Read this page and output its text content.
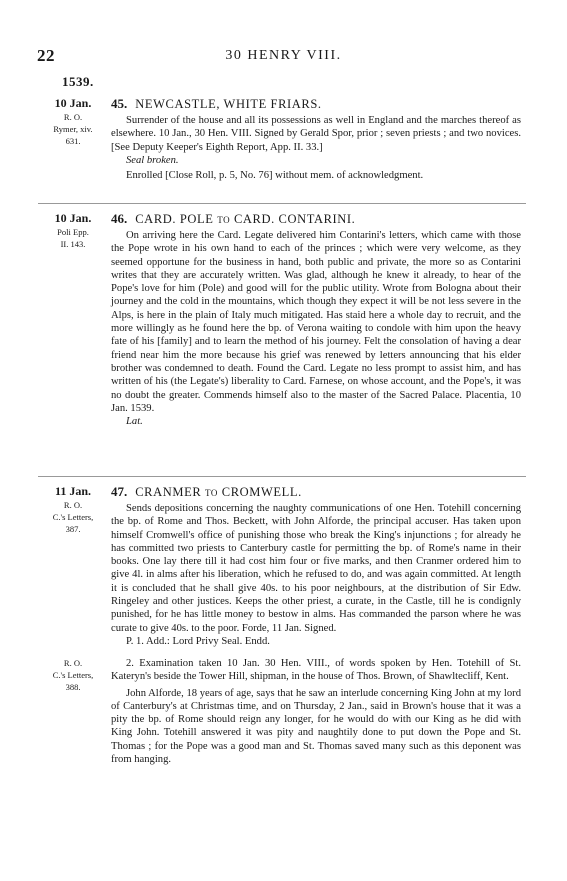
22	30 HENRY VIII.
1539.
10 Jan.
R. O.
Rymer, xiv.
631.
45. NEWCASTLE, WHITE FRIARS.

Surrender of the house and all its possessions as well in England and the marches thereof as elsewhere. 10 Jan., 30 Hen. VIII. Signed by Gerald Spor, prior ; seven priests ; and two novices. [See Deputy Keeper's Eighth Report, App. II. 33.]

Seal broken.

Enrolled [Close Roll, p. 5, No. 76] without mem. of acknowledgment.

10 Jan.
Poli Epp.
II. 143.
46. CARD. POLE to CARD. CONTARINI.

On arriving here the Card. Legate delivered him Contarini's letters, which came with those the Pope wrote in his own hand to each of the princes ; which were very welcome, as they seemed opportune for the business in hand, both public and private, the more so as Contarini writes that they are accurately written. Was glad, although he knew it already, to hear of the Pope's love for him (Pole) and good will for the public utility. Wrote from Bologna about their journey and the cold in the mountains, which though they expect it will be not less severe in the Alps, is here in the plain of Italy much mitigated. Has staid here a whole day to recruit, and the more willingly as he found here the bp. of Verona waiting to condole with him upon the heavy fate of his [family] and to learn the method of his journey. Felt the consolation of having a dear friend near him the more because his grief was renewed by letters announcing that his elder brother was condemned to death. Found the Card. Legate no less prompt to assist him, and has written of his (the Legate's) liberality to Card. Farnese, on whose account, and the Pope's, it was no doubt the greater. Commends himself also to the master of the Sacred Palace. Placentia, 10 Jan. 1539.

Lat.

11 Jan.
R. O.
C.'s Letters,
387.
47. CRANMER to CROMWELL.

Sends depositions concerning the naughty communications of one Hen. Totehill concerning the bp. of Rome and Thos. Beckett, with John Alforde, the principal accuser. Has taken upon himself Cromwell's office of punishing those who break the King's injunctions ; for already he has committed two priests to Canterbury castle for permitting the bp. of Rome's name in their books. One lay there till it had cost him four or five marks, and then Cranmer ordered him to give 4l. in alms after his liberation, which he refused to do, and was again committed. At length it is concluded that he shall give 40s. to his poor neighbours, at the distribution of Sir Edw. Ringeley and other justices. Keeps the other priest, a curate, in the Castle, till he is condignly punished, for he has little money to bestow in alms. Has commanded the parson where he was curate to give 40s. to the poor. Forde, 11 Jan. Signed.

P. 1. Add.: Lord Privy Seal. Endd.

R. O.
C.'s Letters,
388.

2. Examination taken 10 Jan. 30 Hen. VIII., of words spoken by Hen. Totehill of St. Kateryn's beside the Tower Hill, shipman, in the house of Thos. Brown, of Shawltecliff, Kent.

John Alforde, 18 years of age, says that he saw an interlude concerning King John at my lord of Canterbury's at Christmas time, and on Thursday, 2 Jan., said in Brown's house that it was a pity the bp. of Rome should reign any longer, for he would do with our King as he did with King John. Totehill answered it was pity and naughtily done to put down the Pope and St. Thomas ; for the Pope was a good man and St. Thomas saved many such as this deponent was from hanging.
